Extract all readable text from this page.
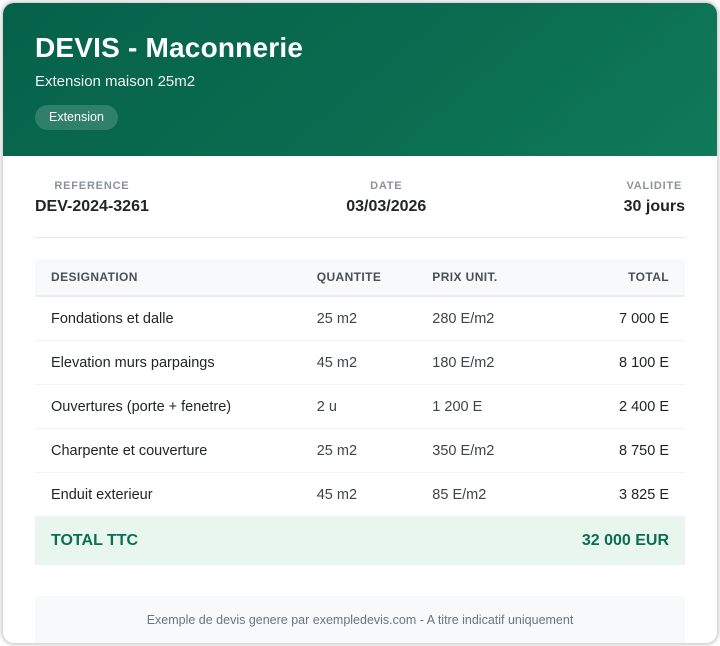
DEVIS - Maconnerie
Extension maison 25m2
Extension
REFERENCE
DEV-2024-3261
DATE
03/03/2026
VALIDITE
30 jours
DESIGNATION	QUANTITE	PRIX UNIT.	TOTAL
Fondations et dalle	25 m2	280 E/m2	7 000 E
Elevation murs parpaings	45 m2	180 E/m2	8 100 E
Ouvertures (porte + fenetre)	2 u	1 200 E	2 400 E
Charpente et couverture	25 m2	350 E/m2	8 750 E
Enduit exterieur	45 m2	85 E/m2	3 825 E
TOTAL TTC	32 000 EUR
Exemple de devis genere par exempledevis.com - A titre indicatif uniquement
